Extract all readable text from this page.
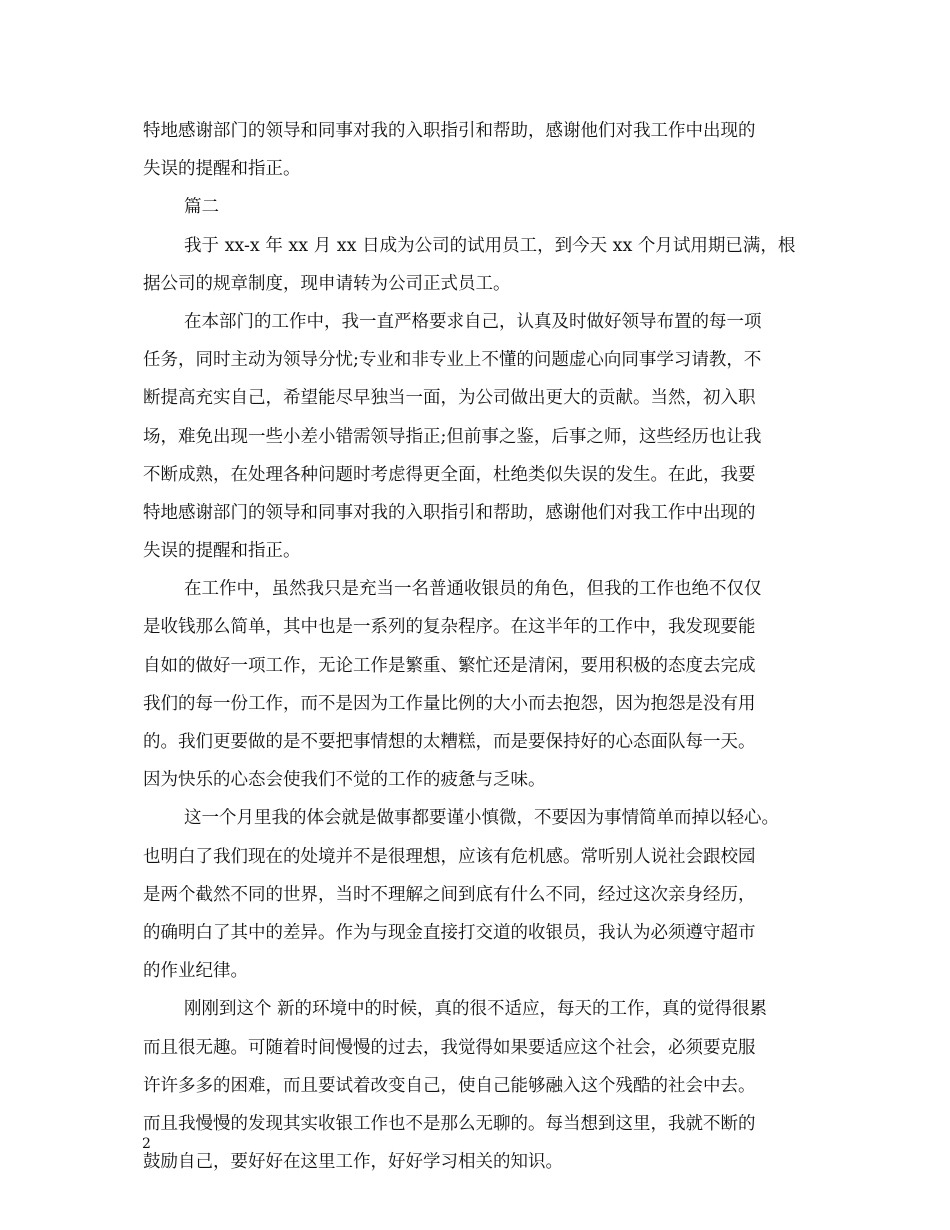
特地感谢部门的领导和同事对我的入职指引和帮助，感谢他们对我工作中出现的
失误的提醒和指正。
篇二
我于 xx-x 年 xx 月 xx 日成为公司的试用员工，到今天 xx 个月试用期已满，根
据公司的规章制度，现申请转为公司正式员工。
在本部门的工作中，我一直严格要求自己，认真及时做好领导布置的每一项
任务，同时主动为领导分忧;专业和非专业上不懂的问题虚心向同事学习请教，不
断提高充实自己，希望能尽早独当一面，为公司做出更大的贡献。当然，初入职
场，难免出现一些小差小错需领导指正;但前事之鉴，后事之师，这些经历也让我
不断成熟，在处理各种问题时考虑得更全面，杜绝类似失误的发生。在此，我要
特地感谢部门的领导和同事对我的入职指引和帮助，感谢他们对我工作中出现的
失误的提醒和指正。
在工作中，虽然我只是充当一名普通收银员的角色，但我的工作也绝不仅仅
是收钱那么简单，其中也是一系列的复杂程序。在这半年的工作中，我发现要能
自如的做好一项工作，无论工作是繁重、繁忙还是清闲，要用积极的态度去完成
我们的每一份工作，而不是因为工作量比例的大小而去抱怨，因为抱怨是没有用
的。我们更要做的是不要把事情想的太糟糕，而是要保持好的心态面队每一天。
因为快乐的心态会使我们不觉的工作的疲惫与乏味。
这一个月里我的体会就是做事都要谨小慎微，不要因为事情简单而掉以轻心。
也明白了我们现在的处境并不是很理想，应该有危机感。常听别人说社会跟校园
是两个截然不同的世界，当时不理解之间到底有什么不同，经过这次亲身经历，
的确明白了其中的差异。作为与现金直接打交道的收银员，我认为必须遵守超市
的作业纪律。
刚刚到这个 新的环境中的时候，真的很不适应，每天的工作，真的觉得很累
而且很无趣。可随着时间慢慢的过去，我觉得如果要适应这个社会，必须要克服
许许多多的困难，而且要试着改变自己，使自己能够融入这个残酷的社会中去。
而且我慢慢的发现其实收银工作也不是那么无聊的。每当想到这里，我就不断的
鼓励自己，要好好在这里工作，好好学习相关的知识。
2
